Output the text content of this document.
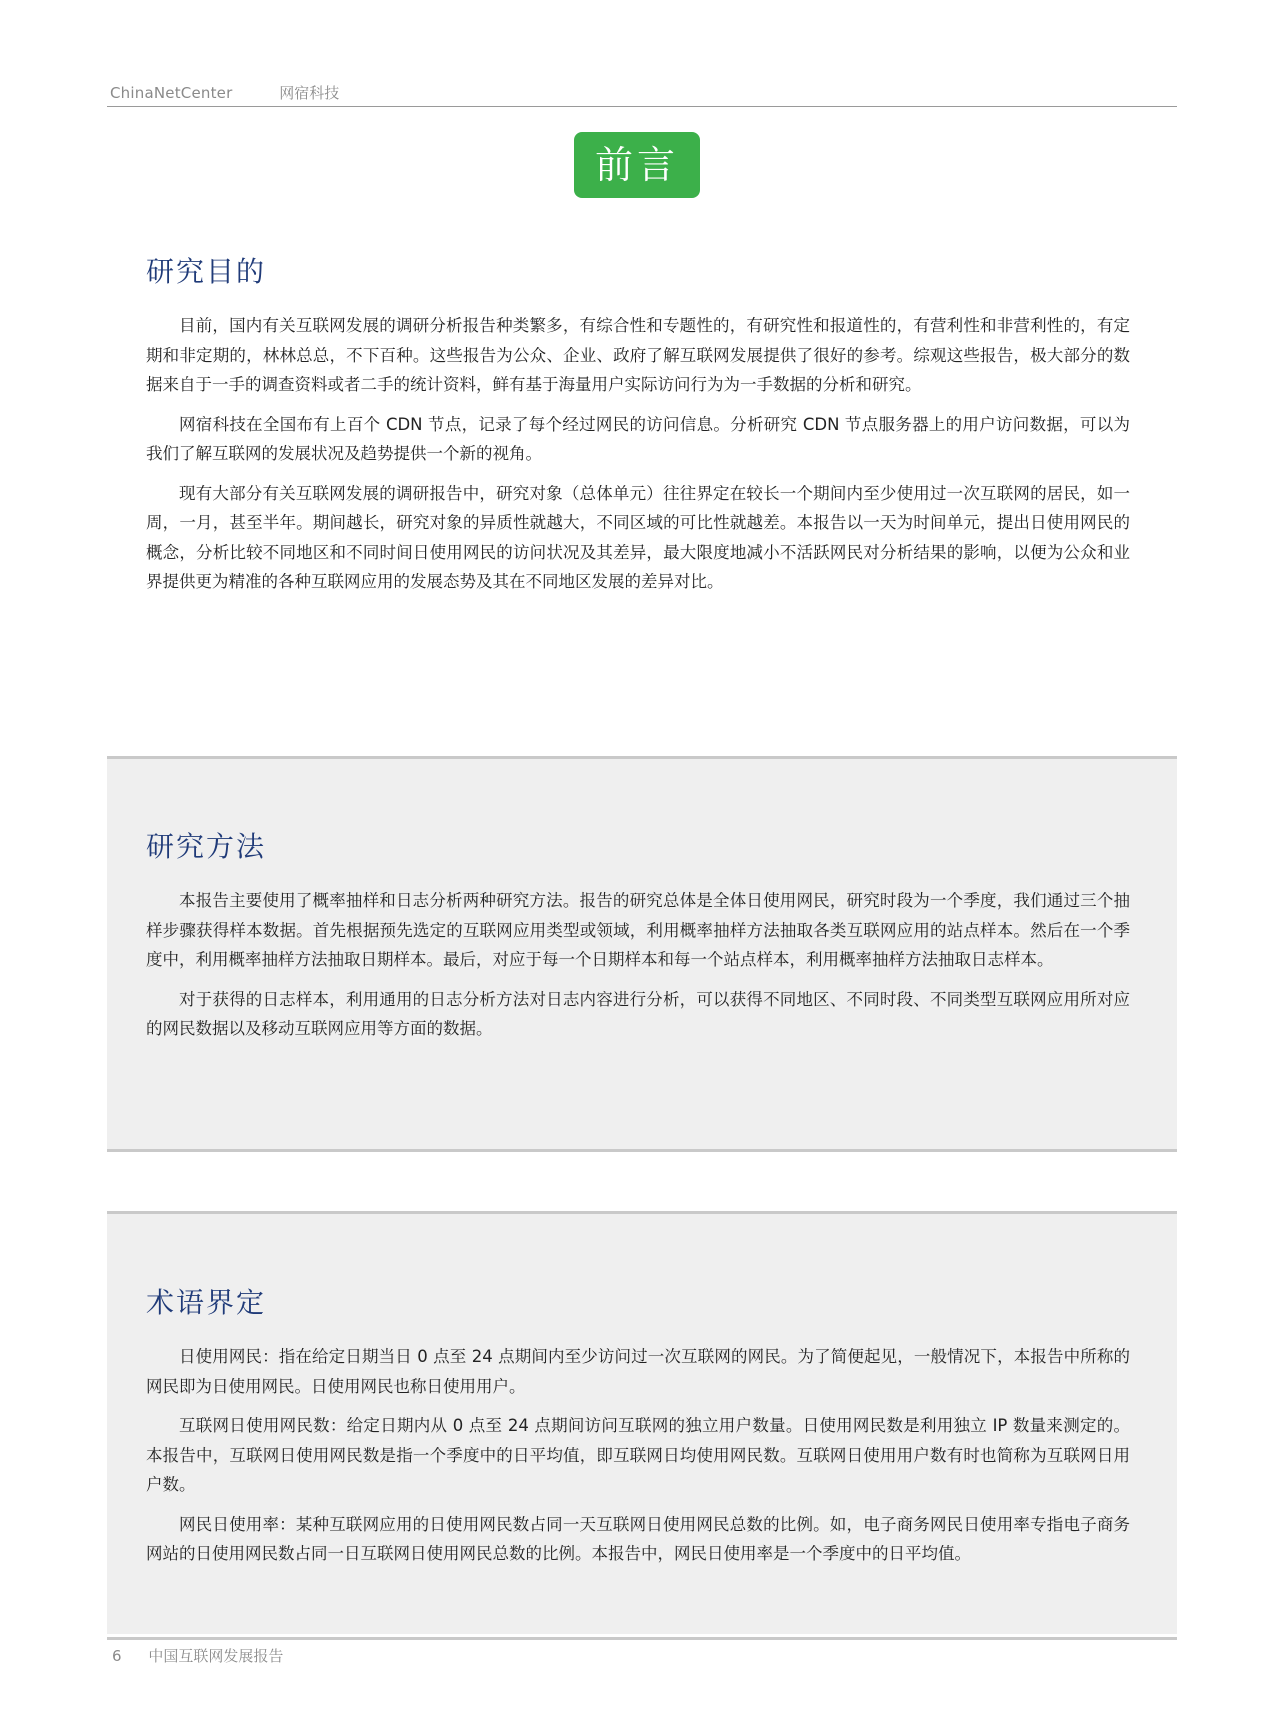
ChinaNetCenter	网宿科技
前言
研究目的

目前，国内有关互联网发展的调研分析报告种类繁多，有综合性和专题性的，有研究性和报道性的，有营利性和非营利性的，有定期和非定期的，林林总总，不下百种。这些报告为公众、企业、政府了解互联网发展提供了很好的参考。综观这些报告，极大部分的数据来自于一手的调查资料或者二手的统计资料，鲜有基于海量用户实际访问行为为一手数据的分析和研究。

网宿科技在全国布有上百个 CDN 节点，记录了每个经过网民的访问信息。分析研究 CDN 节点服务器上的用户访问数据，可以为我们了解互联网的发展状况及趋势提供一个新的视角。

现有大部分有关互联网发展的调研报告中，研究对象（总体单元）往往界定在较长一个期间内至少使用过一次互联网的居民，如一周，一月，甚至半年。期间越长，研究对象的异质性就越大，不同区域的可比性就越差。本报告以一天为时间单元，提出日使用网民的概念，分析比较不同地区和不同时间日使用网民的访问状况及其差异，最大限度地减小不活跃网民对分析结果的影响，以便为公众和业界提供更为精准的各种互联网应用的发展态势及其在不同地区发展的差异对比。

研究方法

本报告主要使用了概率抽样和日志分析两种研究方法。报告的研究总体是全体日使用网民，研究时段为一个季度，我们通过三个抽样步骤获得样本数据。首先根据预先选定的互联网应用类型或领域，利用概率抽样方法抽取各类互联网应用的站点样本。然后在一个季度中，利用概率抽样方法抽取日期样本。最后，对应于每一个日期样本和每一个站点样本，利用概率抽样方法抽取日志样本。

对于获得的日志样本，利用通用的日志分析方法对日志内容进行分析，可以获得不同地区、不同时段、不同类型互联网应用所对应的网民数据以及移动互联网应用等方面的数据。

术语界定

日使用网民：指在给定日期当日 0 点至 24 点期间内至少访问过一次互联网的网民。为了简便起见，一般情况下，本报告中所称的网民即为日使用网民。日使用网民也称日使用用户。

互联网日使用网民数：给定日期内从 0 点至 24 点期间访问互联网的独立用户数量。日使用网民数是利用独立 IP 数量来测定的。本报告中，互联网日使用网民数是指一个季度中的日平均值，即互联网日均使用网民数。互联网日使用用户数有时也简称为互联网日用户数。

网民日使用率：某种互联网应用的日使用网民数占同一天互联网日使用网民总数的比例。如，电子商务网民日使用率专指电子商务网站的日使用网民数占同一日互联网日使用网民总数的比例。本报告中，网民日使用率是一个季度中的日平均值。

6 中国互联网发展报告
